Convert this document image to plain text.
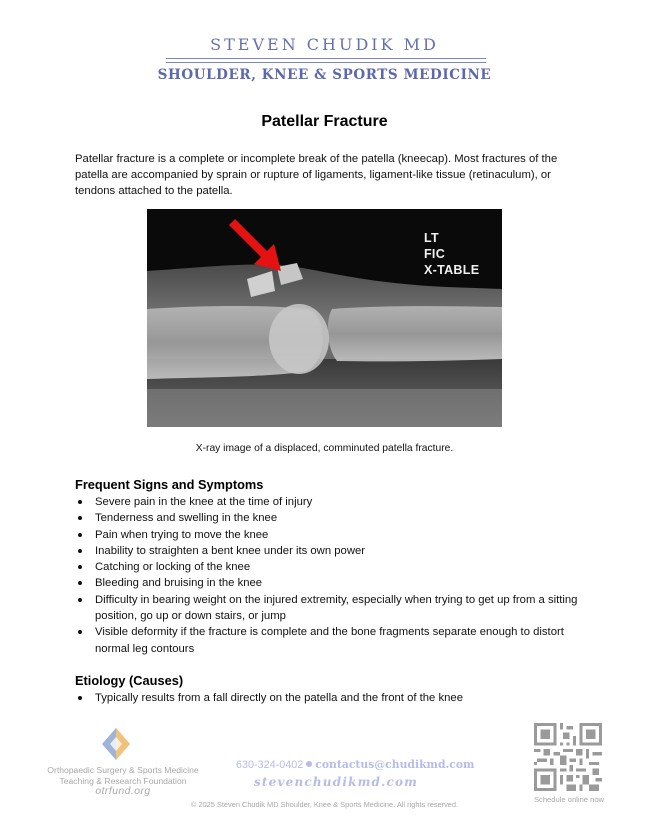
STEVEN CHUDIK MD
SHOULDER, KNEE & SPORTS MEDICINE
Patellar Fracture
Patellar fracture is a complete or incomplete break of the patella (kneecap). Most fractures of the patella are accompanied by sprain or rupture of ligaments, ligament-like tissue (retinaculum), or tendons attached to the patella.
LT
FIC
X-TABLE
X-ray image of a displaced, comminuted patella fracture.
Frequent Signs and Symptoms
Severe pain in the knee at the time of injury
Tenderness and swelling in the knee
Pain when trying to move the knee
Inability to straighten a bent knee under its own power
Catching or locking of the knee
Bleeding and bruising in the knee
Difficulty in bearing weight on the injured extremity, especially when trying to get up from a sitting position, go up or down stairs, or jump
Visible deformity if the fracture is complete and the bone fragments separate enough to distort normal leg contours
Etiology (Causes)
Typically results from a fall directly on the patella and the front of the knee
Orthopaedic Surgery & Sports Medicine
Teaching & Research Foundation
otrfund.org
630-324-0402 contactus@chudikmd.com
stevenchudikmd.com
Schedule online now
© 2025 Steven Chudik MD Shoulder, Knee & Sports Medicine. All rights reserved.
